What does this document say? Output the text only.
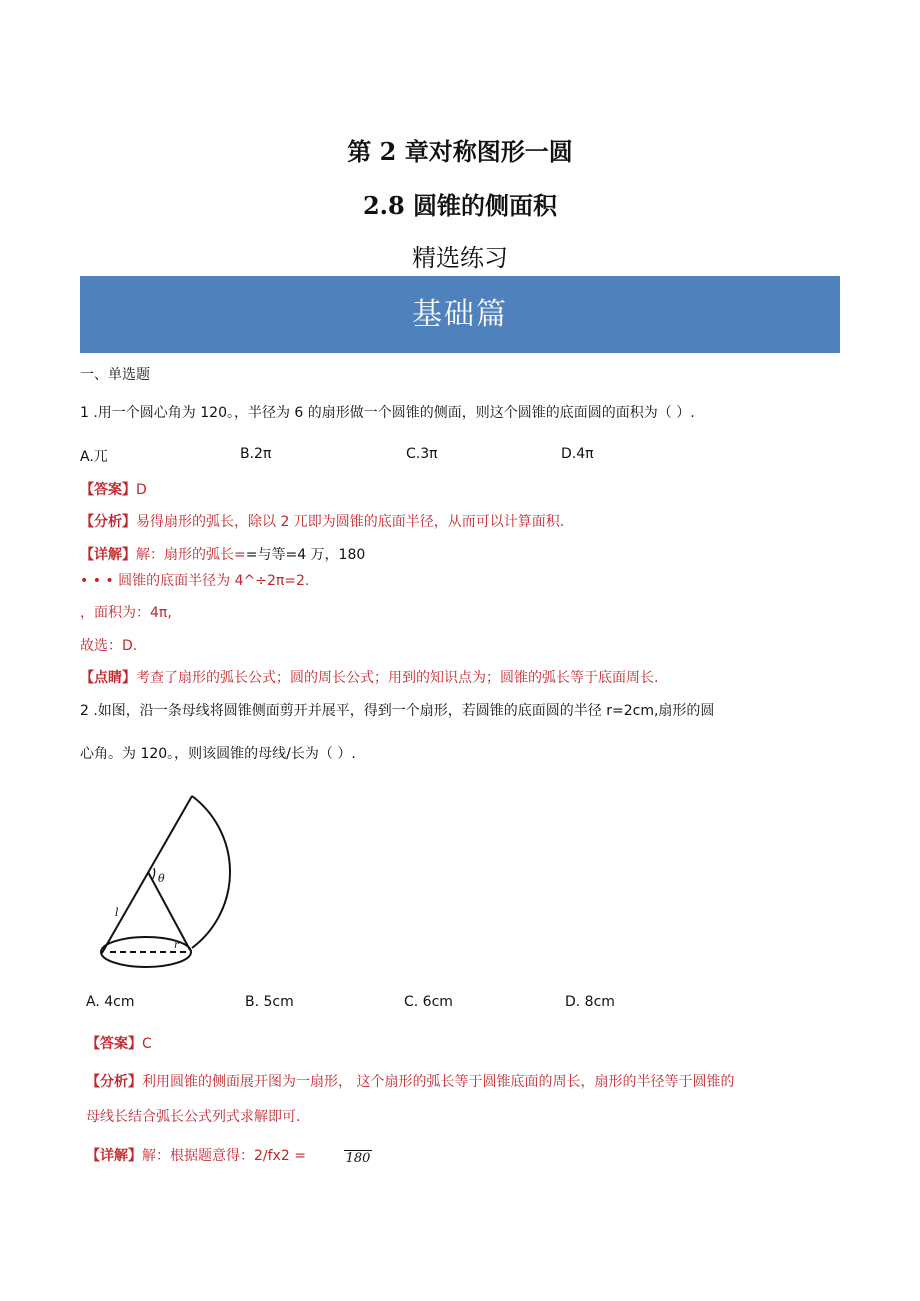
第 2 章对称图形一圆
2.8 圆锥的侧面积
精选练习
基础篇
一、单选题
1 .用一个圆心角为 120。，半径为 6 的扇形做一个圆锥的侧面，则这个圆锥的底面圆的面积为（ ）.
A.兀	B.2π	C.3π	D.4π
【答案】D
【分析】易得扇形的弧长，除以 2 兀即为圆锥的底面半径，从而可以计算面积.
【详解】解：扇形的弧长==与等=4 万，180
• • • 圆锥的底面半径为 4^÷2π=2.
，面积为：4π,
故选：D.
【点睛】考查了扇形的弧长公式；圆的周长公式；用到的知识点为；圆锥的弧长等于底面周长.
2 .如图，沿一条母线将圆锥侧面剪开并展平，得到一个扇形，若圆锥的底面圆的半径 r=2cm,扇形的圆
心角。为 120。，则该圆锥的母线/长为（ ）.
θ
l
r
A. 4cm	B. 5cm	C. 6cm	D. 8cm
【答案】C
【分析】利用圆锥的侧面展开图为一扇形， 这个扇形的弧长等于圆锥底面的周长，扇形的半径等于圆锥的
母线长结合弧长公式列式求解即可.
【详解】解：根据题意得：2∕fx2 =	180
